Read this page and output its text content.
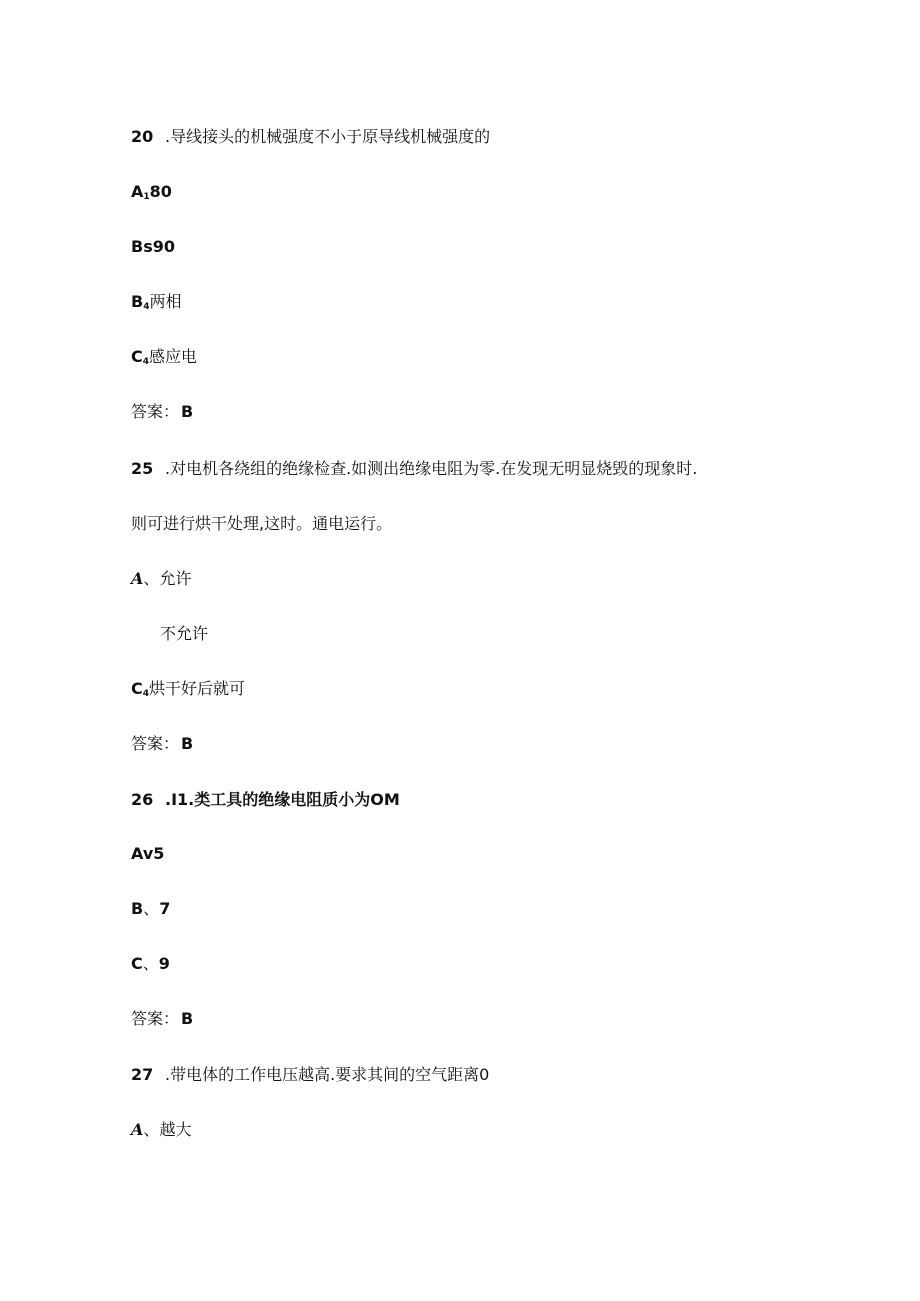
20 .导线接头的机械强度不小于原导线机械强度的
$A_180$
Bs90
$B_4$两相
$C_4$感应电
答案： B
25 .对电机各绕组的绝缘检查.如测出绝缘电阻为零.在发现无明显烧毁的现象时.
则可进行烘干处理,这时。通电运行。
A、允许
不允许
$C_4$烘干好后就可
答案： B
26 .I1.类工具的绝缘电阻质小为OM
Av5
B、7
C、9
答案： B
27 .带电体的工作电压越高.要求其间的空气距离0
A、越大
